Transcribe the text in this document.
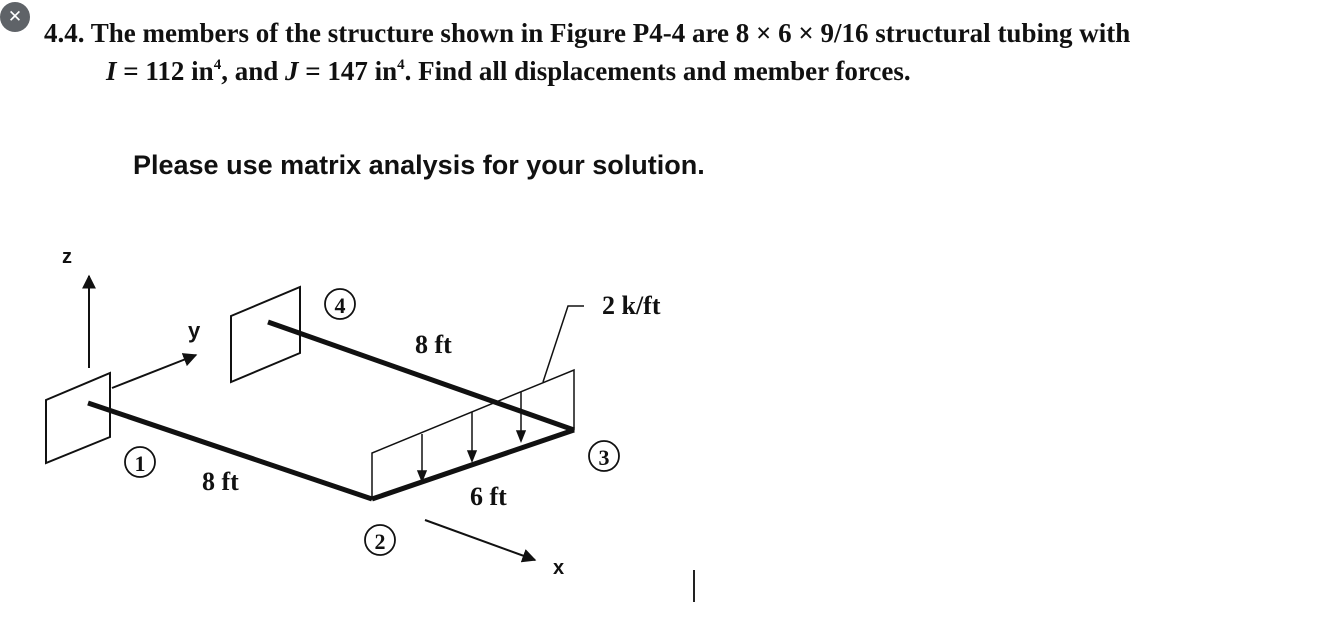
✕
4.4. The members of the structure shown in Figure P4-4 are 8 × 6 × 9/16 structural tubing with
I = 112 $in^4$, and J = 147 $in^4$. Find all displacements and member forces.
Please use matrix analysis for your solution.
z
y
x
2 k/ft
8 ft
8 ft
6 ft
1
2
3
4
